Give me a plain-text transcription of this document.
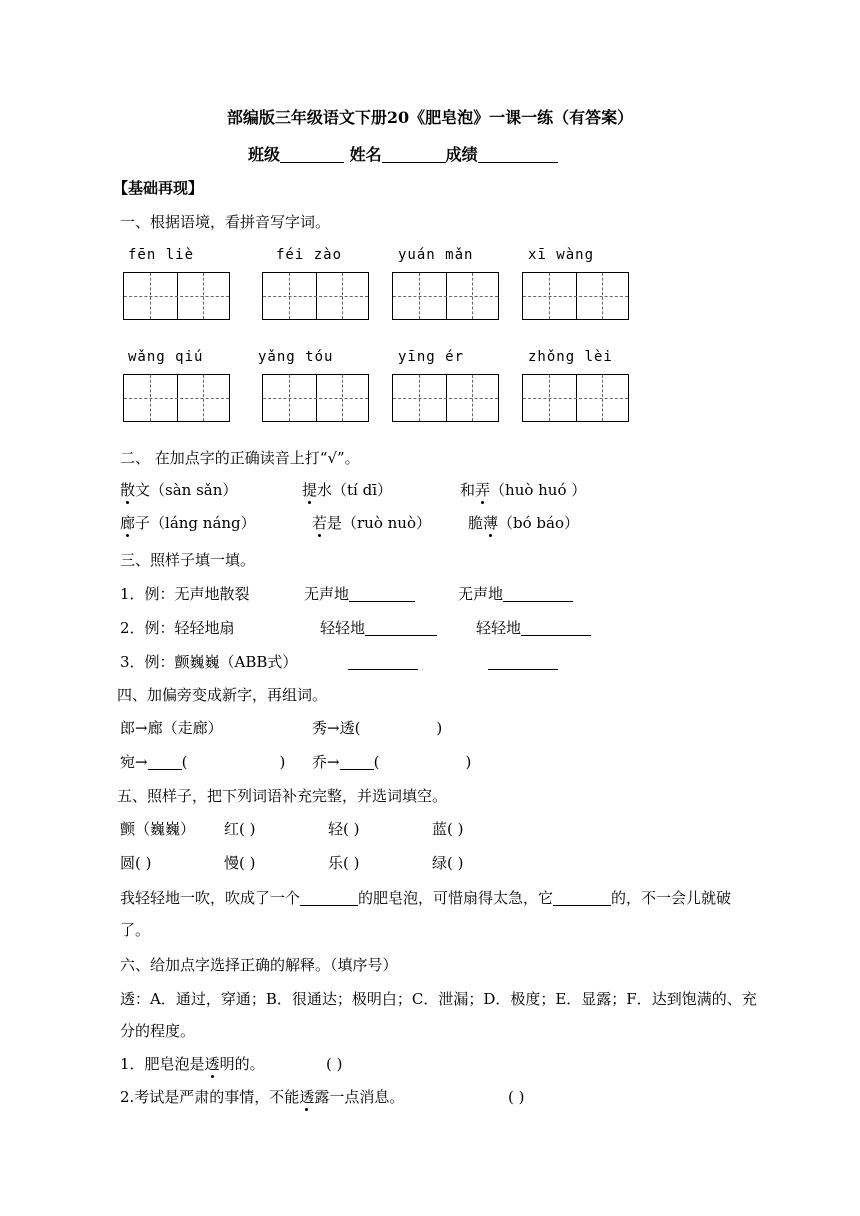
部编版三年级语文下册20《肥皂泡》一课一练（有答案）
班级	姓名	成绩
【基础再现】
一、根据语境，看拼音写字词。
fēn liè	féi zào	yuán mǎn	xī wàng
wǎng qiú	yǎng tóu	yīng ér	zhǒng lèi
二、 在加点字的正确读音上打“√”。
散文（sàn sǎn）	提水（tí dī）	和弄（huò huó ）
廊子（láng náng）	若是（ruò nuò） 脆薄（bó báo）
三、照样子填一填。
1．例：无声地散裂	无声地	无声地
2．例：轻轻地扇	轻轻地	轻轻地
3．例：颤巍巍（ABB式）
四、加偏旁变成新字，再组词。
郎→廊（走廊）	秀→透(	)
宛→ (	) 乔→ (	)
五、照样子，把下列词语补充完整，并选词填空。
颤（巍巍） 红( )	轻( )	蓝( )
圆( )	慢( )	乐( )	绿( )
我轻轻地一吹，吹成了一个	的肥皂泡，可惜扇得太急，它	的，不一会儿就破了。
六、给加点字选择正确的解释。（填序号）
透：A．通过，穿通；B．很通达；极明白；C．泄漏；D．极度；E．显露；F．达到饱满的、充分的程度。
1．肥皂泡是透明的。	( )
2.考试是严肃的事情，不能透露一点消息。	( )
